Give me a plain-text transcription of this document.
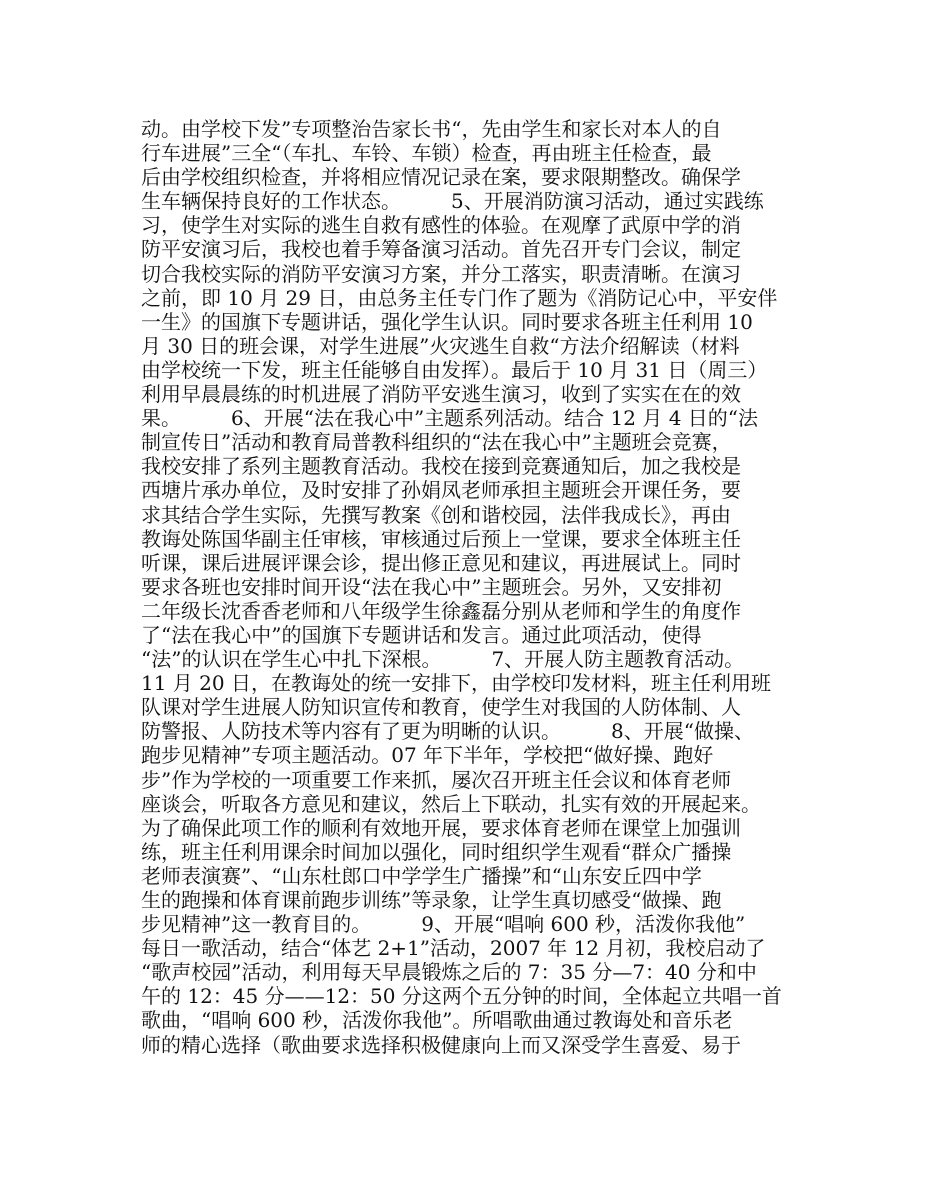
动。由学校下发”专项整治告家长书“，先由学生和家长对本人的自
行车进展”三全“（车扎、车铃、车锁）检查，再由班主任检查，最
后由学校组织检查，并将相应情况记录在案，要求限期整改。确保学
生车辆保持良好的工作状态。　　　5、开展消防演习活动，通过实践练
习，使学生对实际的逃生自救有感性的体验。在观摩了武原中学的消
防平安演习后，我校也着手筹备演习活动。首先召开专门会议，制定
切合我校实际的消防平安演习方案，并分工落实，职责清晰。在演习
之前，即 10 月 29 日，由总务主任专门作了题为《消防记心中，平安伴
一生》的国旗下专题讲话，强化学生认识。同时要求各班主任利用 10
月 30 日的班会课，对学生进展”火灾逃生自救“方法介绍解读（材料
由学校统一下发，班主任能够自由发挥）。最后于 10 月 31 日（周三）
利用早晨晨练的时机进展了消防平安逃生演习，收到了实实在在的效
果。　　　6、开展“法在我心中”主题系列活动。结合 12 月 4 日的“法
制宣传日”活动和教育局普教科组织的“法在我心中”主题班会竞赛，
我校安排了系列主题教育活动。我校在接到竞赛通知后，加之我校是
西塘片承办单位，及时安排了孙娟凤老师承担主题班会开课任务，要
求其结合学生实际，先撰写教案《创和谐校园，法伴我成长》，再由
教诲处陈国华副主任审核，审核通过后预上一堂课，要求全体班主任
听课，课后进展评课会诊，提出修正意见和建议，再进展试上。同时
要求各班也安排时间开设“法在我心中”主题班会。另外，又安排初
二年级长沈香香老师和八年级学生徐鑫磊分别从老师和学生的角度作
了“法在我心中”的国旗下专题讲话和发言。通过此项活动，使得
“法”的认识在学生心中扎下深根。　　　7、开展人防主题教育活动。
11 月 20 日，在教诲处的统一安排下，由学校印发材料，班主任利用班
队课对学生进展人防知识宣传和教育，使学生对我国的人防体制、人
防警报、人防技术等内容有了更为明晰的认识。　　　8、开展“做操、
跑步见精神”专项主题活动。07 年下半年，学校把“做好操、跑好
步”作为学校的一项重要工作来抓，屡次召开班主任会议和体育老师
座谈会，听取各方意见和建议，然后上下联动，扎实有效的开展起来。
为了确保此项工作的顺利有效地开展，要求体育老师在课堂上加强训
练，班主任利用课余时间加以强化，同时组织学生观看“群众广播操
老师表演赛”、“山东杜郎口中学学生广播操”和“山东安丘四中学
生的跑操和体育课前跑步训练”等录象，让学生真切感受“做操、跑
步见精神”这一教育目的。　　　9、开展“唱响 600 秒，活泼你我他”
每日一歌活动，结合“体艺 2+1”活动，2007 年 12 月初，我校启动了
“歌声校园”活动，利用每天早晨锻炼之后的 7：35 分—7：40 分和中
午的 12：45 分——12：50 分这两个五分钟的时间，全体起立共唱一首
歌曲，“唱响 600 秒，活泼你我他”。所唱歌曲通过教诲处和音乐老
师的精心选择（歌曲要求选择积极健康向上而又深受学生喜爱、易于
